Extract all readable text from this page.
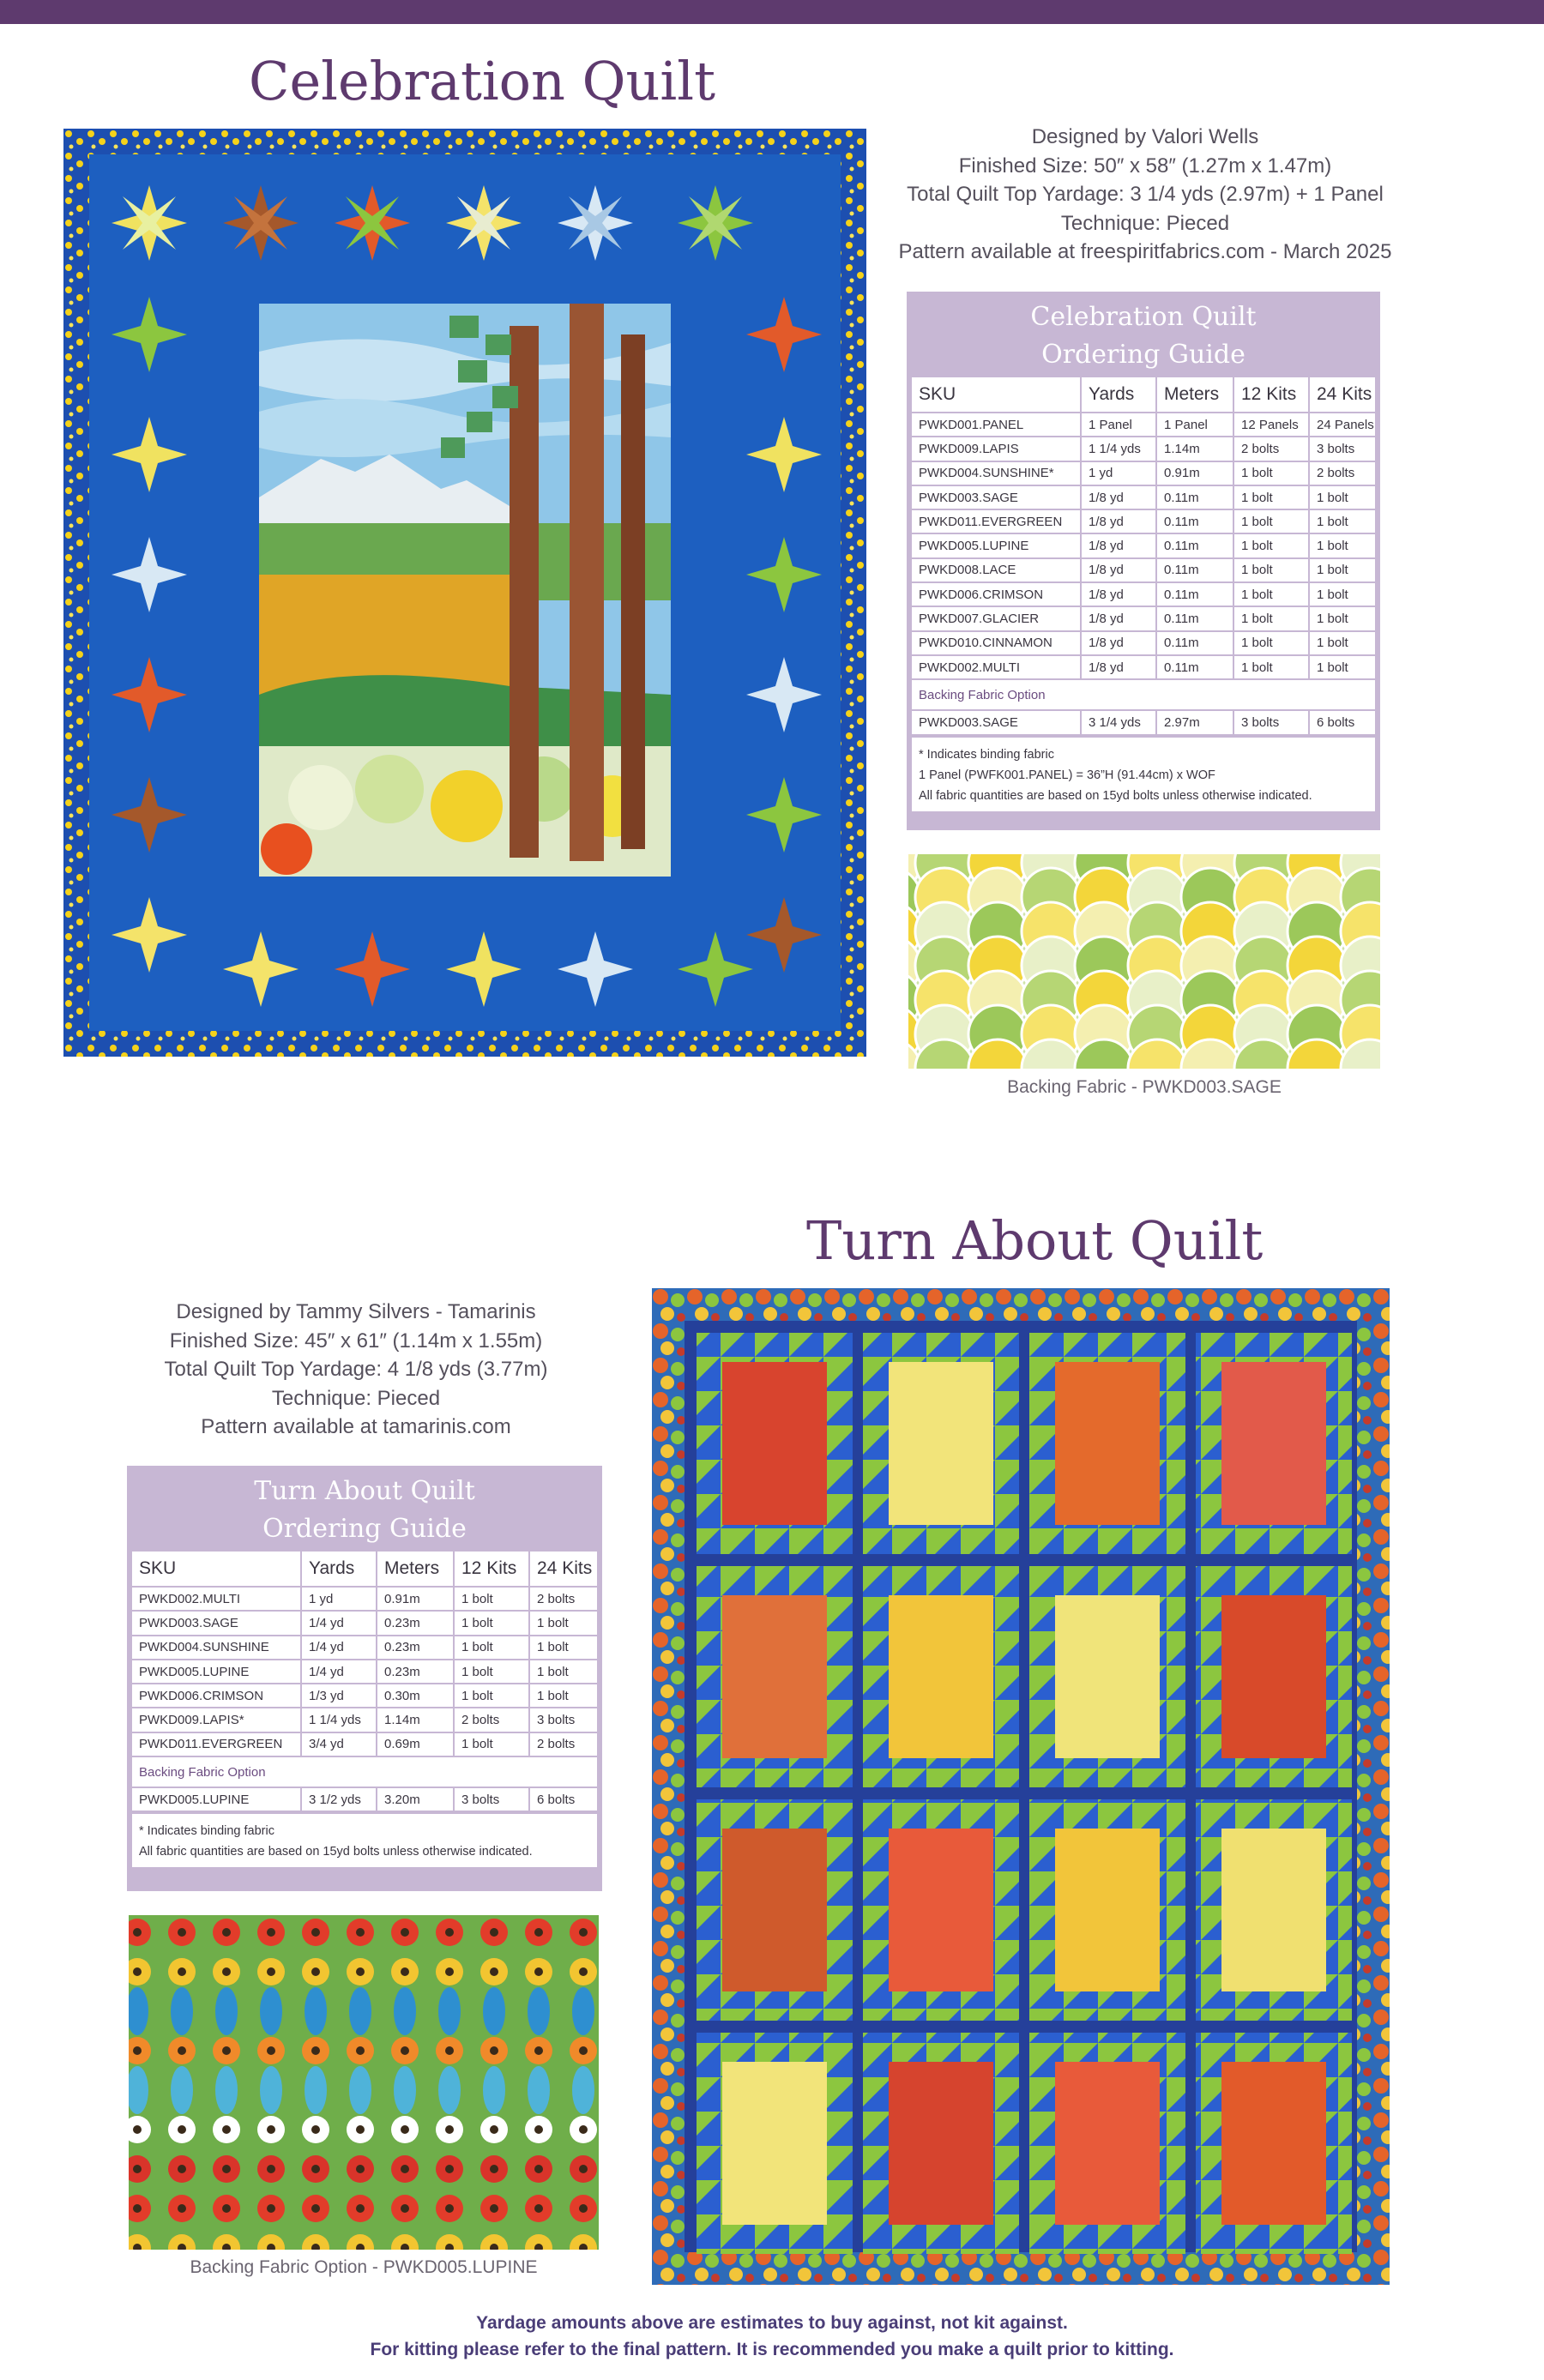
Celebration Quilt
Designed by Valori Wells
Finished Size: 50″ x 58″ (1.27m x 1.47m)
Total Quilt Top Yardage: 3 1/4 yds (2.97m) + 1 Panel
Technique: Pieced
Pattern available at freespiritfabrics.com - March 2025
Celebration Quilt
Ordering Guide
SKU	Yards	Meters	12 Kits	24 Kits
PWKD001.PANEL	1 Panel	1 Panel	12 Panels	24 Panels
PWKD009.LAPIS	1 1/4 yds	1.14m	2 bolts	3 bolts
PWKD004.SUNSHINE*	1 yd	0.91m	1 bolt	2 bolts
PWKD003.SAGE	1/8 yd	0.11m	1 bolt	1 bolt
PWKD011.EVERGREEN	1/8 yd	0.11m	1 bolt	1 bolt
PWKD005.LUPINE	1/8 yd	0.11m	1 bolt	1 bolt
PWKD008.LACE	1/8 yd	0.11m	1 bolt	1 bolt
PWKD006.CRIMSON	1/8 yd	0.11m	1 bolt	1 bolt
PWKD007.GLACIER	1/8 yd	0.11m	1 bolt	1 bolt
PWKD010.CINNAMON	1/8 yd	0.11m	1 bolt	1 bolt
PWKD002.MULTI	1/8 yd	0.11m	1 bolt	1 bolt
Backing Fabric Option				
PWKD003.SAGE	3 1/4 yds	2.97m	3 bolts	6 bolts
* Indicates binding fabric
1 Panel (PWFK001.PANEL) = 36”H (91.44cm) x WOF
All fabric quantities are based on 15yd bolts unless otherwise indicated.
Backing Fabric - PWKD003.SAGE
Turn About Quilt
Designed by Tammy Silvers - Tamarinis
Finished Size: 45″ x 61″ (1.14m x 1.55m)
Total Quilt Top Yardage: 4 1/8 yds (3.77m)
Technique: Pieced
Pattern available at tamarinis.com
Turn About Quilt
Ordering Guide
SKU	Yards	Meters	12 Kits	24 Kits
PWKD002.MULTI	1 yd	0.91m	1 bolt	2 bolts
PWKD003.SAGE	1/4 yd	0.23m	1 bolt	1 bolt
PWKD004.SUNSHINE	1/4 yd	0.23m	1 bolt	1 bolt
PWKD005.LUPINE	1/4 yd	0.23m	1 bolt	1 bolt
PWKD006.CRIMSON	1/3 yd	0.30m	1 bolt	1 bolt
PWKD009.LAPIS*	1 1/4 yds	1.14m	2 bolts	3 bolts
PWKD011.EVERGREEN	3/4 yd	0.69m	1 bolt	2 bolts
Backing Fabric Option				
PWKD005.LUPINE	3 1/2 yds	3.20m	3 bolts	6 bolts
* Indicates binding fabric
All fabric quantities are based on 15yd bolts unless otherwise indicated.
Backing Fabric Option - PWKD005.LUPINE
Yardage amounts above are estimates to buy against, not kit against.
For kitting please refer to the final pattern. It is recommended you make a quilt prior to kitting.
